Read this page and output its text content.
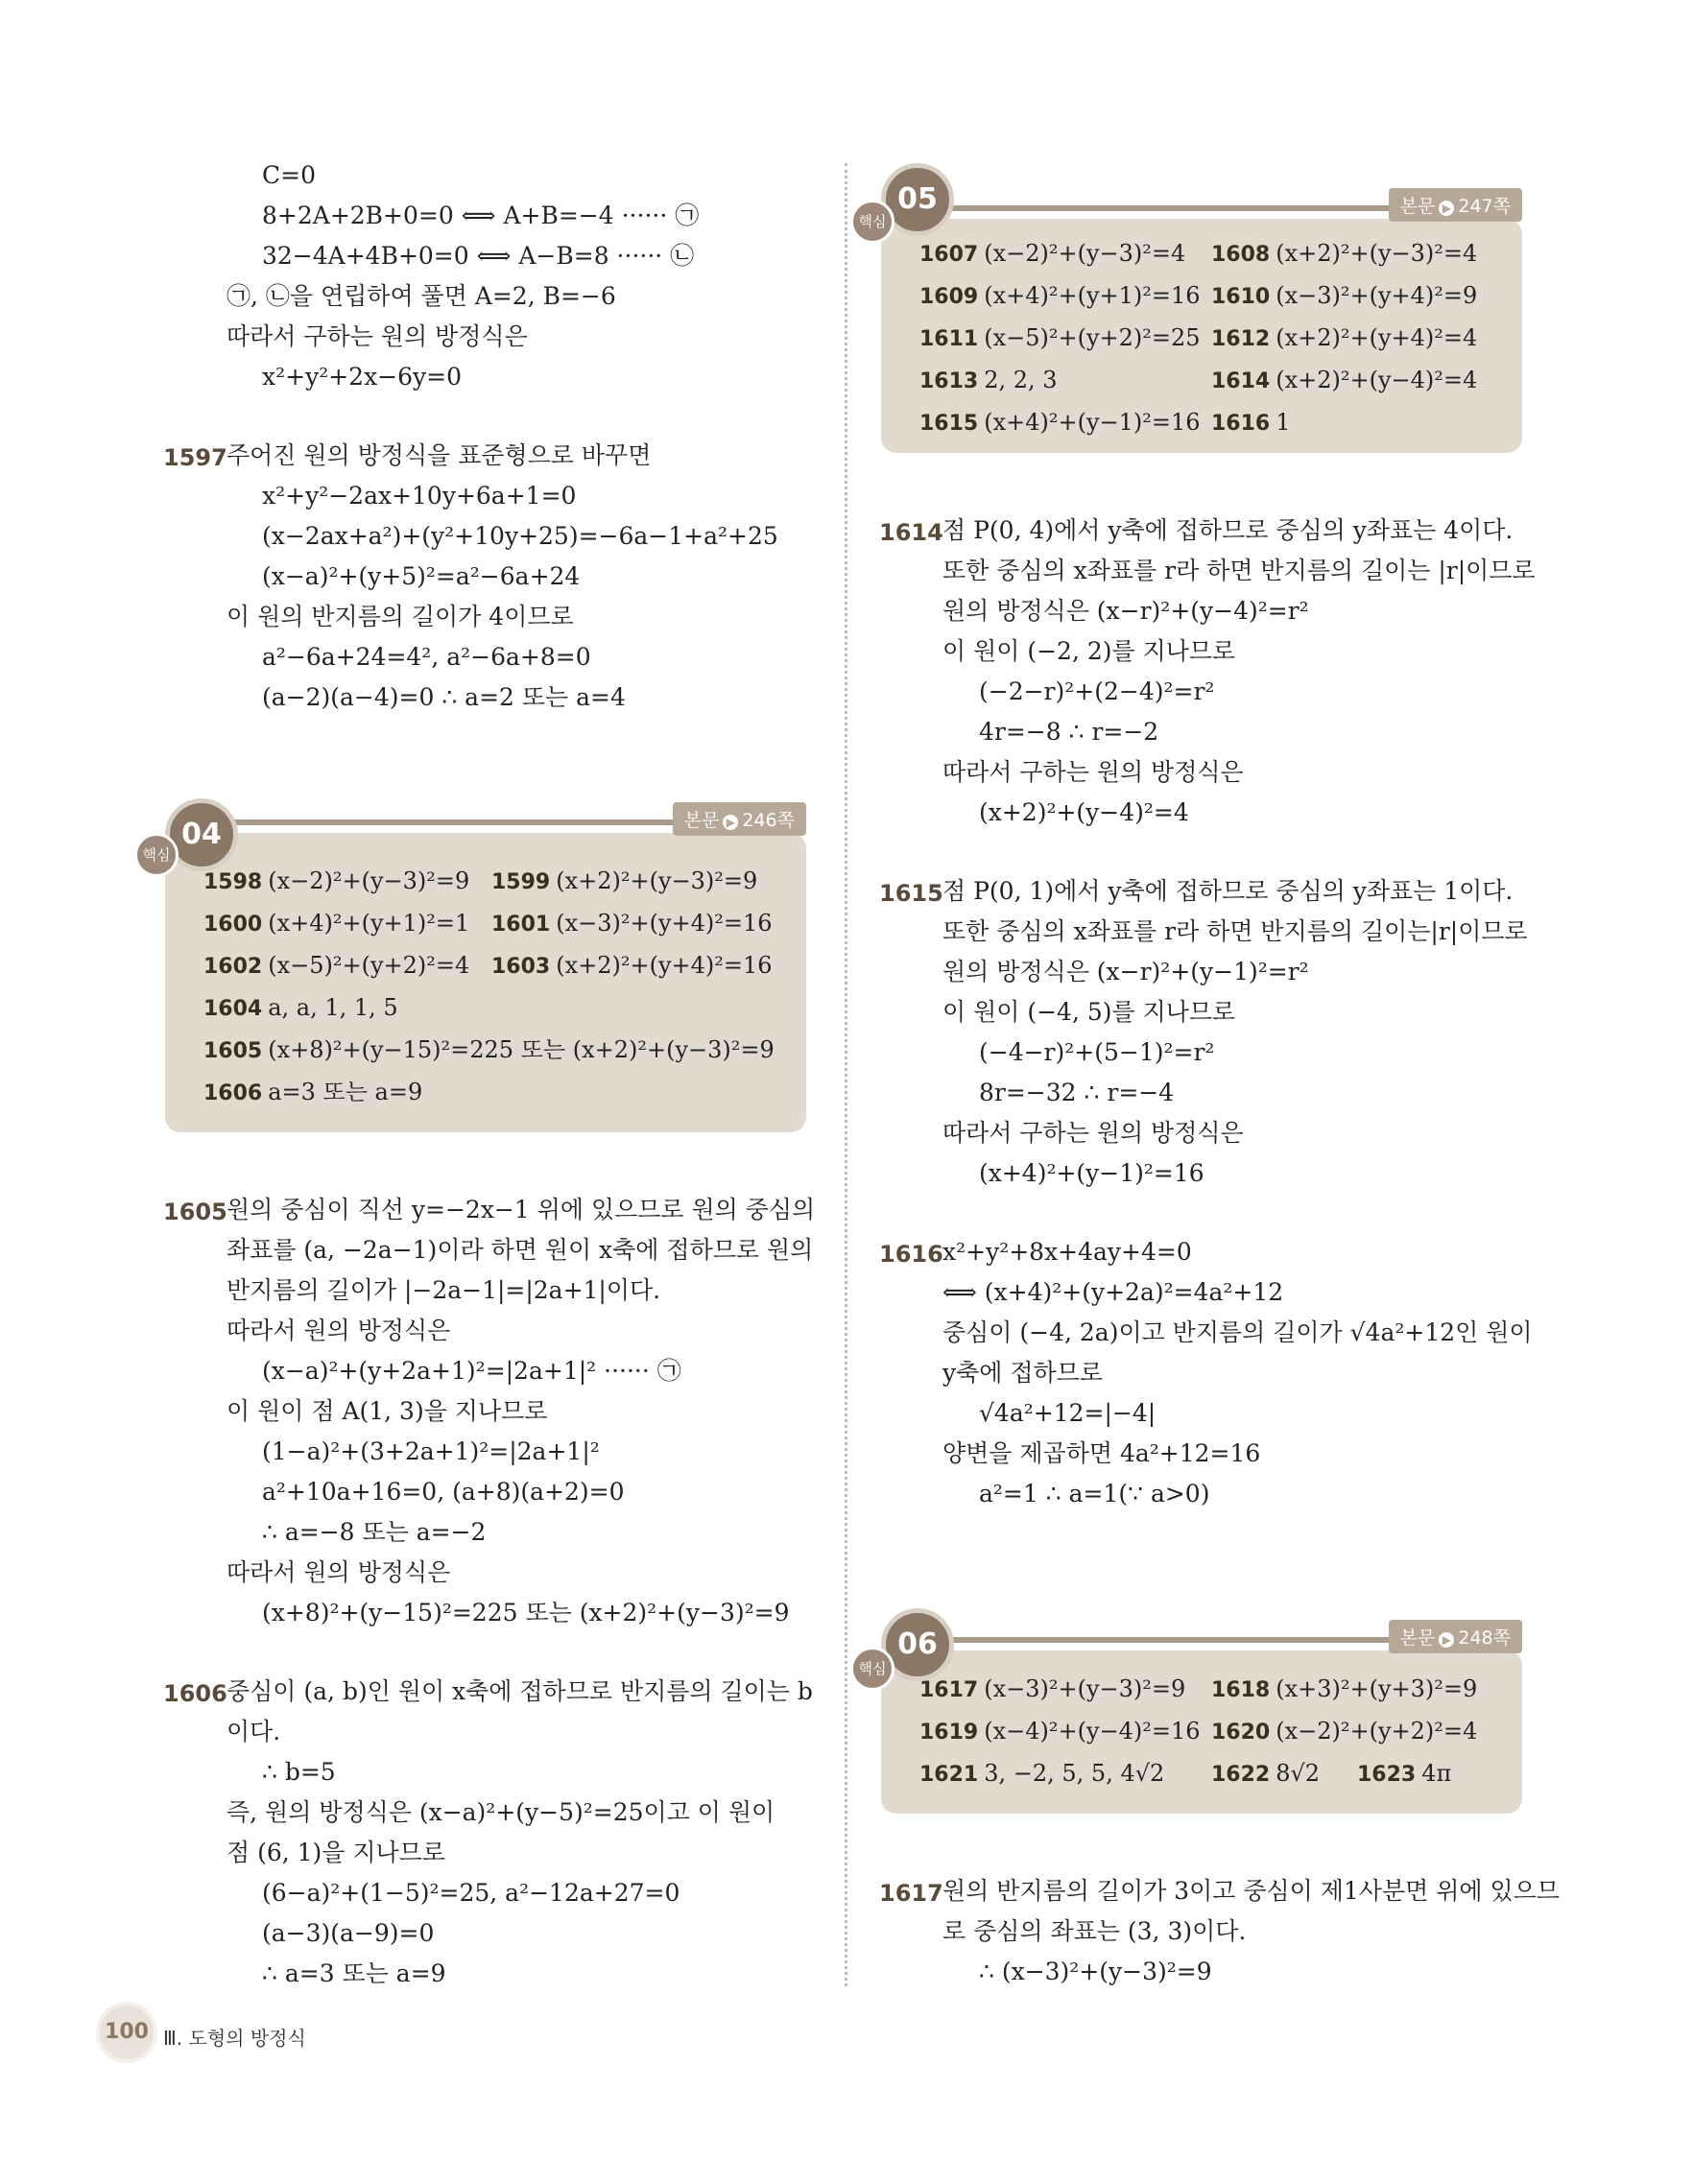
C=0
8+2A+2B+0=0 ⟺ A+B=−4 ······ ㉠
32−4A+4B+0=0 ⟺ A−B=8 ······ ㉡
㉠, ㉡을 연립하여 풀면 A=2, B=−6
따라서 구하는 원의 방정식은
x²+y²+2x−6y=0
1597 주어진 원의 방정식을 표준형으로 바꾸면
x²+y²−2ax+10y+6a+1=0
(x−2ax+a²)+(y²+10y+25)=−6a−1+a²+25
(x−a)²+(y+5)²=a²−6a+24
이 원의 반지름의 길이가 4이므로
a²−6a+24=4², a²−6a+8=0
(a−2)(a−4)=0 ∴ a=2 또는 a=4
본문 ▶ 246쪽
1598 (x−2)²+(y−3)²=9 1599 (x+2)²+(y−3)²=9
1600 (x+4)²+(y+1)²=1 1601 (x−3)²+(y+4)²=16
1602 (x−5)²+(y+2)²=4 1603 (x+2)²+(y+4)²=16
1604 a, a, 1, 1, 5
1605 (x+8)²+(y−15)²=225 또는 (x+2)²+(y−3)²=9
1606 a=3 또는 a=9
04
핵심
1605 원의 중심이 직선 y=−2x−1 위에 있으므로 원의 중심의
좌표를 (a, −2a−1)이라 하면 원이 x축에 접하므로 원의
반지름의 길이가 |−2a−1|=|2a+1|이다.
따라서 원의 방정식은
(x−a)²+(y+2a+1)²=|2a+1|² ······ ㉠
이 원이 점 A(1, 3)을 지나므로
(1−a)²+(3+2a+1)²=|2a+1|²
a²+10a+16=0, (a+8)(a+2)=0
∴ a=−8 또는 a=−2
따라서 원의 방정식은
(x+8)²+(y−15)²=225 또는 (x+2)²+(y−3)²=9
1606 중심이 (a, b)인 원이 x축에 접하므로 반지름의 길이는 b
이다.
∴ b=5
즉, 원의 방정식은 (x−a)²+(y−5)²=25이고 이 원이
점 (6, 1)을 지나므로
(6−a)²+(1−5)²=25, a²−12a+27=0
(a−3)(a−9)=0
∴ a=3 또는 a=9
본문 ▶ 247쪽
1607 (x−2)²+(y−3)²=4 1608 (x+2)²+(y−3)²=4
1609 (x+4)²+(y+1)²=16 1610 (x−3)²+(y+4)²=9
1611 (x−5)²+(y+2)²=25 1612 (x+2)²+(y+4)²=4
1613 2, 2, 3	1614 (x+2)²+(y−4)²=4
1615 (x+4)²+(y−1)²=16 1616 1
05
핵심
1614 점 P(0, 4)에서 y축에 접하므로 중심의 y좌표는 4이다.
또한 중심의 x좌표를 r라 하면 반지름의 길이는 |r|이므로
원의 방정식은 (x−r)²+(y−4)²=r²
이 원이 (−2, 2)를 지나므로
(−2−r)²+(2−4)²=r²
4r=−8 ∴ r=−2
따라서 구하는 원의 방정식은
(x+2)²+(y−4)²=4
1615 점 P(0, 1)에서 y축에 접하므로 중심의 y좌표는 1이다.
또한 중심의 x좌표를 r라 하면 반지름의 길이는|r|이므로
원의 방정식은 (x−r)²+(y−1)²=r²
이 원이 (−4, 5)를 지나므로
(−4−r)²+(5−1)²=r²
8r=−32 ∴ r=−4
따라서 구하는 원의 방정식은
(x+4)²+(y−1)²=16
1616 x²+y²+8x+4ay+4=0
⟺ (x+4)²+(y+2a)²=4a²+12
중심이 (−4, 2a)이고 반지름의 길이가 √4a²+12인 원이
y축에 접하므로
√4a²+12=|−4|
양변을 제곱하면 4a²+12=16
a²=1 ∴ a=1(∵ a>0)
본문 ▶ 248쪽
1617 (x−3)²+(y−3)²=9 1618 (x+3)²+(y+3)²=9
1619 (x−4)²+(y−4)²=16 1620 (x−2)²+(y+2)²=4
1621 3, −2, 5, 5, 4√2 1622 8√2 1623 4π
06
핵심
1617 원의 반지름의 길이가 3이고 중심이 제1사분면 위에 있으므
로 중심의 좌표는 (3, 3)이다.
∴ (x−3)²+(y−3)²=9
100 Ⅲ. 도형의 방정식
